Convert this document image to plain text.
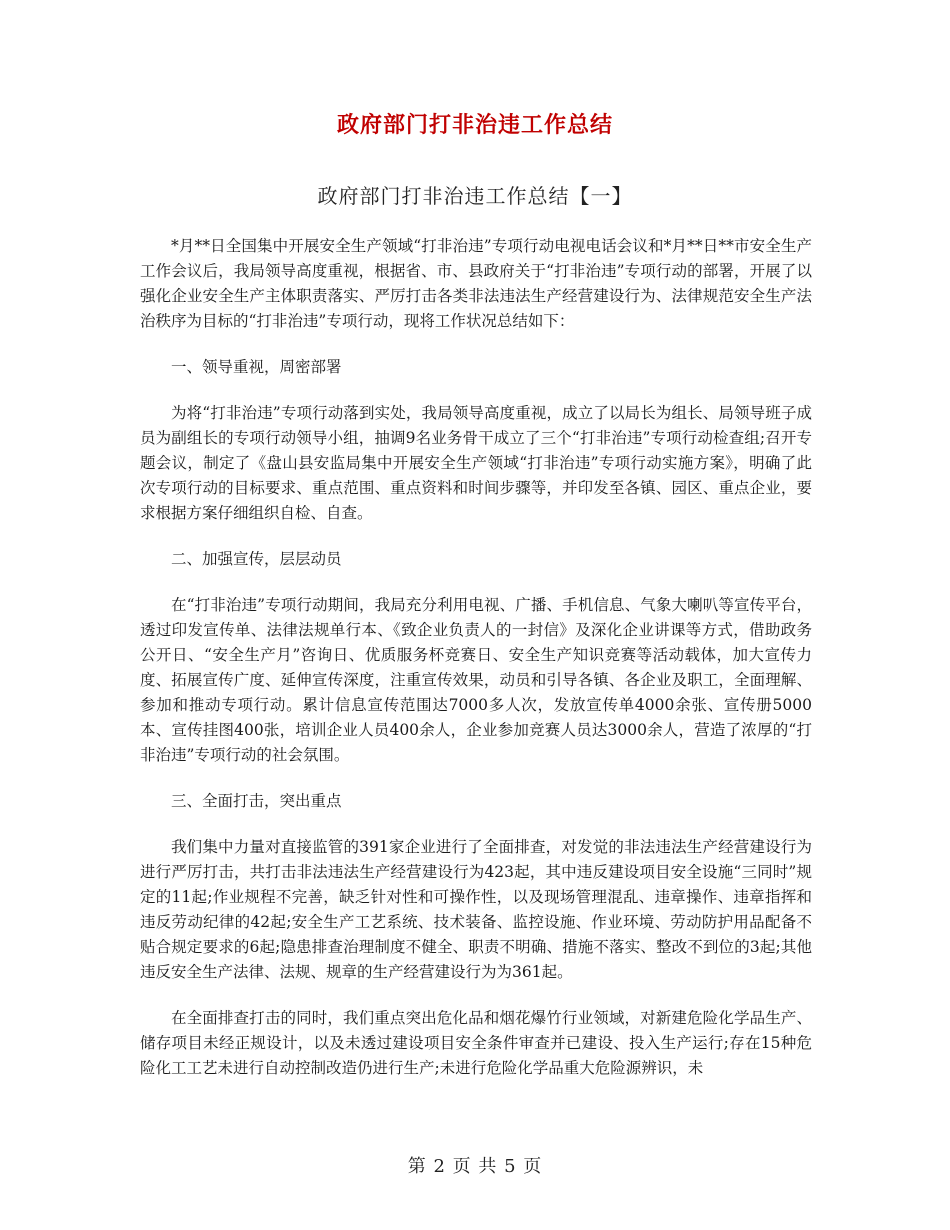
政府部门打非治违工作总结
政府部门打非治违工作总结【一】

*月**日全国集中开展安全生产领域“打非治违”专项行动电视电话会议和*月**日**市安全生产工作会议后，我局领导高度重视，根据省、市、县政府关于“打非治违”专项行动的部署，开展了以强化企业安全生产主体职责落实、严厉打击各类非法违法生产经营建设行为、法律规范安全生产法治秩序为目标的“打非治违”专项行动，现将工作状况总结如下：

一、领导重视，周密部署

为将“打非治违”专项行动落到实处，我局领导高度重视，成立了以局长为组长、局领导班子成员为副组长的专项行动领导小组，抽调9名业务骨干成立了三个“打非治违”专项行动检查组;召开专题会议，制定了《盘山县安监局集中开展安全生产领域“打非治违”专项行动实施方案》，明确了此次专项行动的目标要求、重点范围、重点资料和时间步骤等，并印发至各镇、园区、重点企业，要求根据方案仔细组织自检、自查。

二、加强宣传，层层动员

在“打非治违”专项行动期间，我局充分利用电视、广播、手机信息、气象大喇叭等宣传平台，透过印发宣传单、法律法规单行本、《致企业负责人的一封信》及深化企业讲课等方式，借助政务公开日、“安全生产月”咨询日、优质服务杯竞赛日、安全生产知识竞赛等活动载体，加大宣传力度、拓展宣传广度、延伸宣传深度，注重宣传效果，动员和引导各镇、各企业及职工，全面理解、参加和推动专项行动。累计信息宣传范围达7000多人次，发放宣传单4000余张、宣传册5000本、宣传挂图400张，培训企业人员400余人，企业参加竞赛人员达3000余人，营造了浓厚的“打非治违”专项行动的社会氛围。

三、全面打击，突出重点

我们集中力量对直接监管的391家企业进行了全面排查，对发觉的非法违法生产经营建设行为进行严厉打击，共打击非法违法生产经营建设行为423起，其中违反建设项目安全设施“三同时”规定的11起;作业规程不完善，缺乏针对性和可操作性，以及现场管理混乱、违章操作、违章指挥和违反劳动纪律的42起;安全生产工艺系统、技术装备、监控设施、作业环境、劳动防护用品配备不贴合规定要求的6起;隐患排查治理制度不健全、职责不明确、措施不落实、整改不到位的3起;其他违反安全生产法律、法规、规章的生产经营建设行为为361起。

在全面排查打击的同时，我们重点突出危化品和烟花爆竹行业领域，对新建危险化学品生产、储存项目未经正规设计，以及未透过建设项目安全条件审查并已建设、投入生产运行;存在15种危险化工工艺未进行自动控制改造仍进行生产;未进行危险化学品重大危险源辨识，未

第 2 页 共 5 页
